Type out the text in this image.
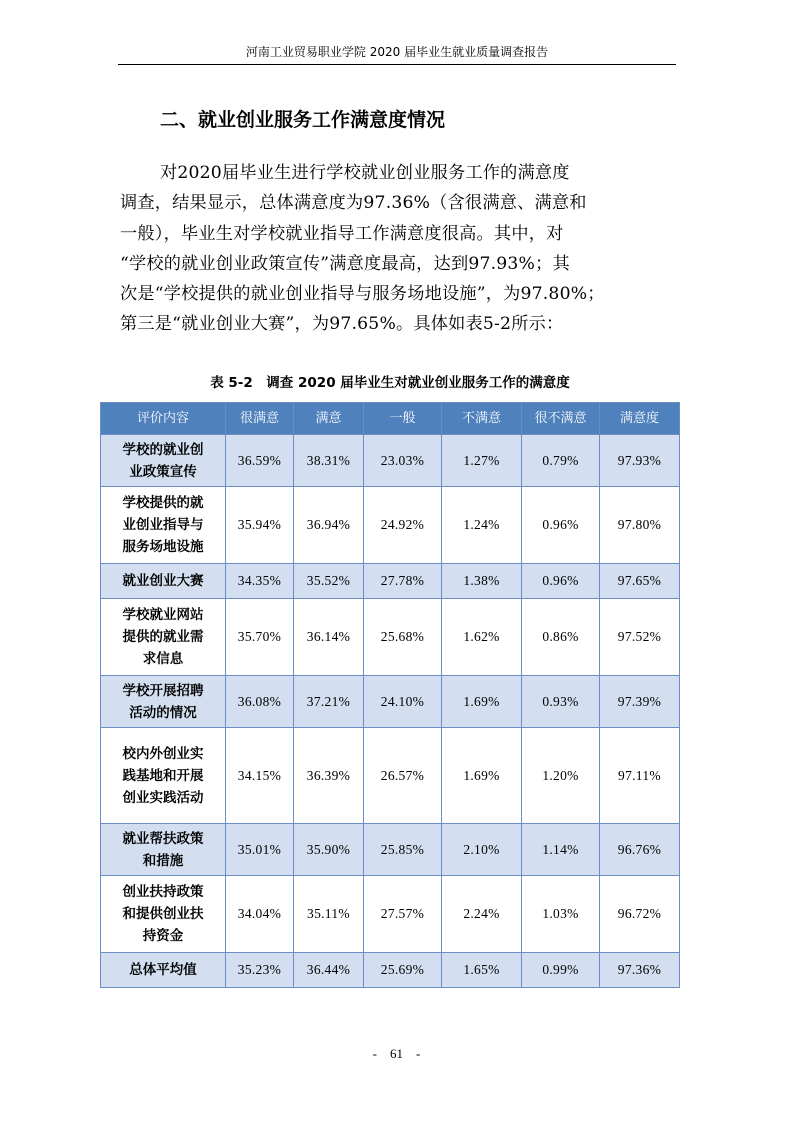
河南工业贸易职业学院 2020 届毕业生就业质量调查报告
二、就业创业服务工作满意度情况
对2020届毕业生进行学校就业创业服务工作的满意度
调查，结果显示，总体满意度为97.36%（含很满意、满意和
一般），毕业生对学校就业指导工作满意度很高。其中，对
“学校的就业创业政策宣传”满意度最高，达到97.93%；其
次是“学校提供的就业创业指导与服务场地设施”，为97.80%；
第三是“就业创业大赛”，为97.65%。具体如表5-2所示：
表 5-2　调查 2020 届毕业生对就业创业服务工作的满意度
评价内容	很满意	满意	一般	不满意	很不满意	满意度

学校的就业创
业政策宣传	36.59%	38.31%	23.03%	1.27%	0.79%	97.93%

学校提供的就
业创业指导与
服务场地设施	35.94%	36.94%	24.92%	1.24%	0.96%	97.80%

就业创业大赛	34.35%	35.52%	27.78%	1.38%	0.96%	97.65%

学校就业网站
提供的就业需
求信息	35.70%	36.14%	25.68%	1.62%	0.86%	97.52%

学校开展招聘
活动的情况	36.08%	37.21%	24.10%	1.69%	0.93%	97.39%

校内外创业实
践基地和开展
创业实践活动	34.15%	36.39%	26.57%	1.69%	1.20%	97.11%

就业帮扶政策
和措施	35.01%	35.90%	25.85%	2.10%	1.14%	96.76%

创业扶持政策
和提供创业扶
持资金	34.04%	35.11%	27.57%	2.24%	1.03%	96.72%

总体平均值	35.23%	36.44%	25.69%	1.65%	0.99%	97.36%
-　61　-
